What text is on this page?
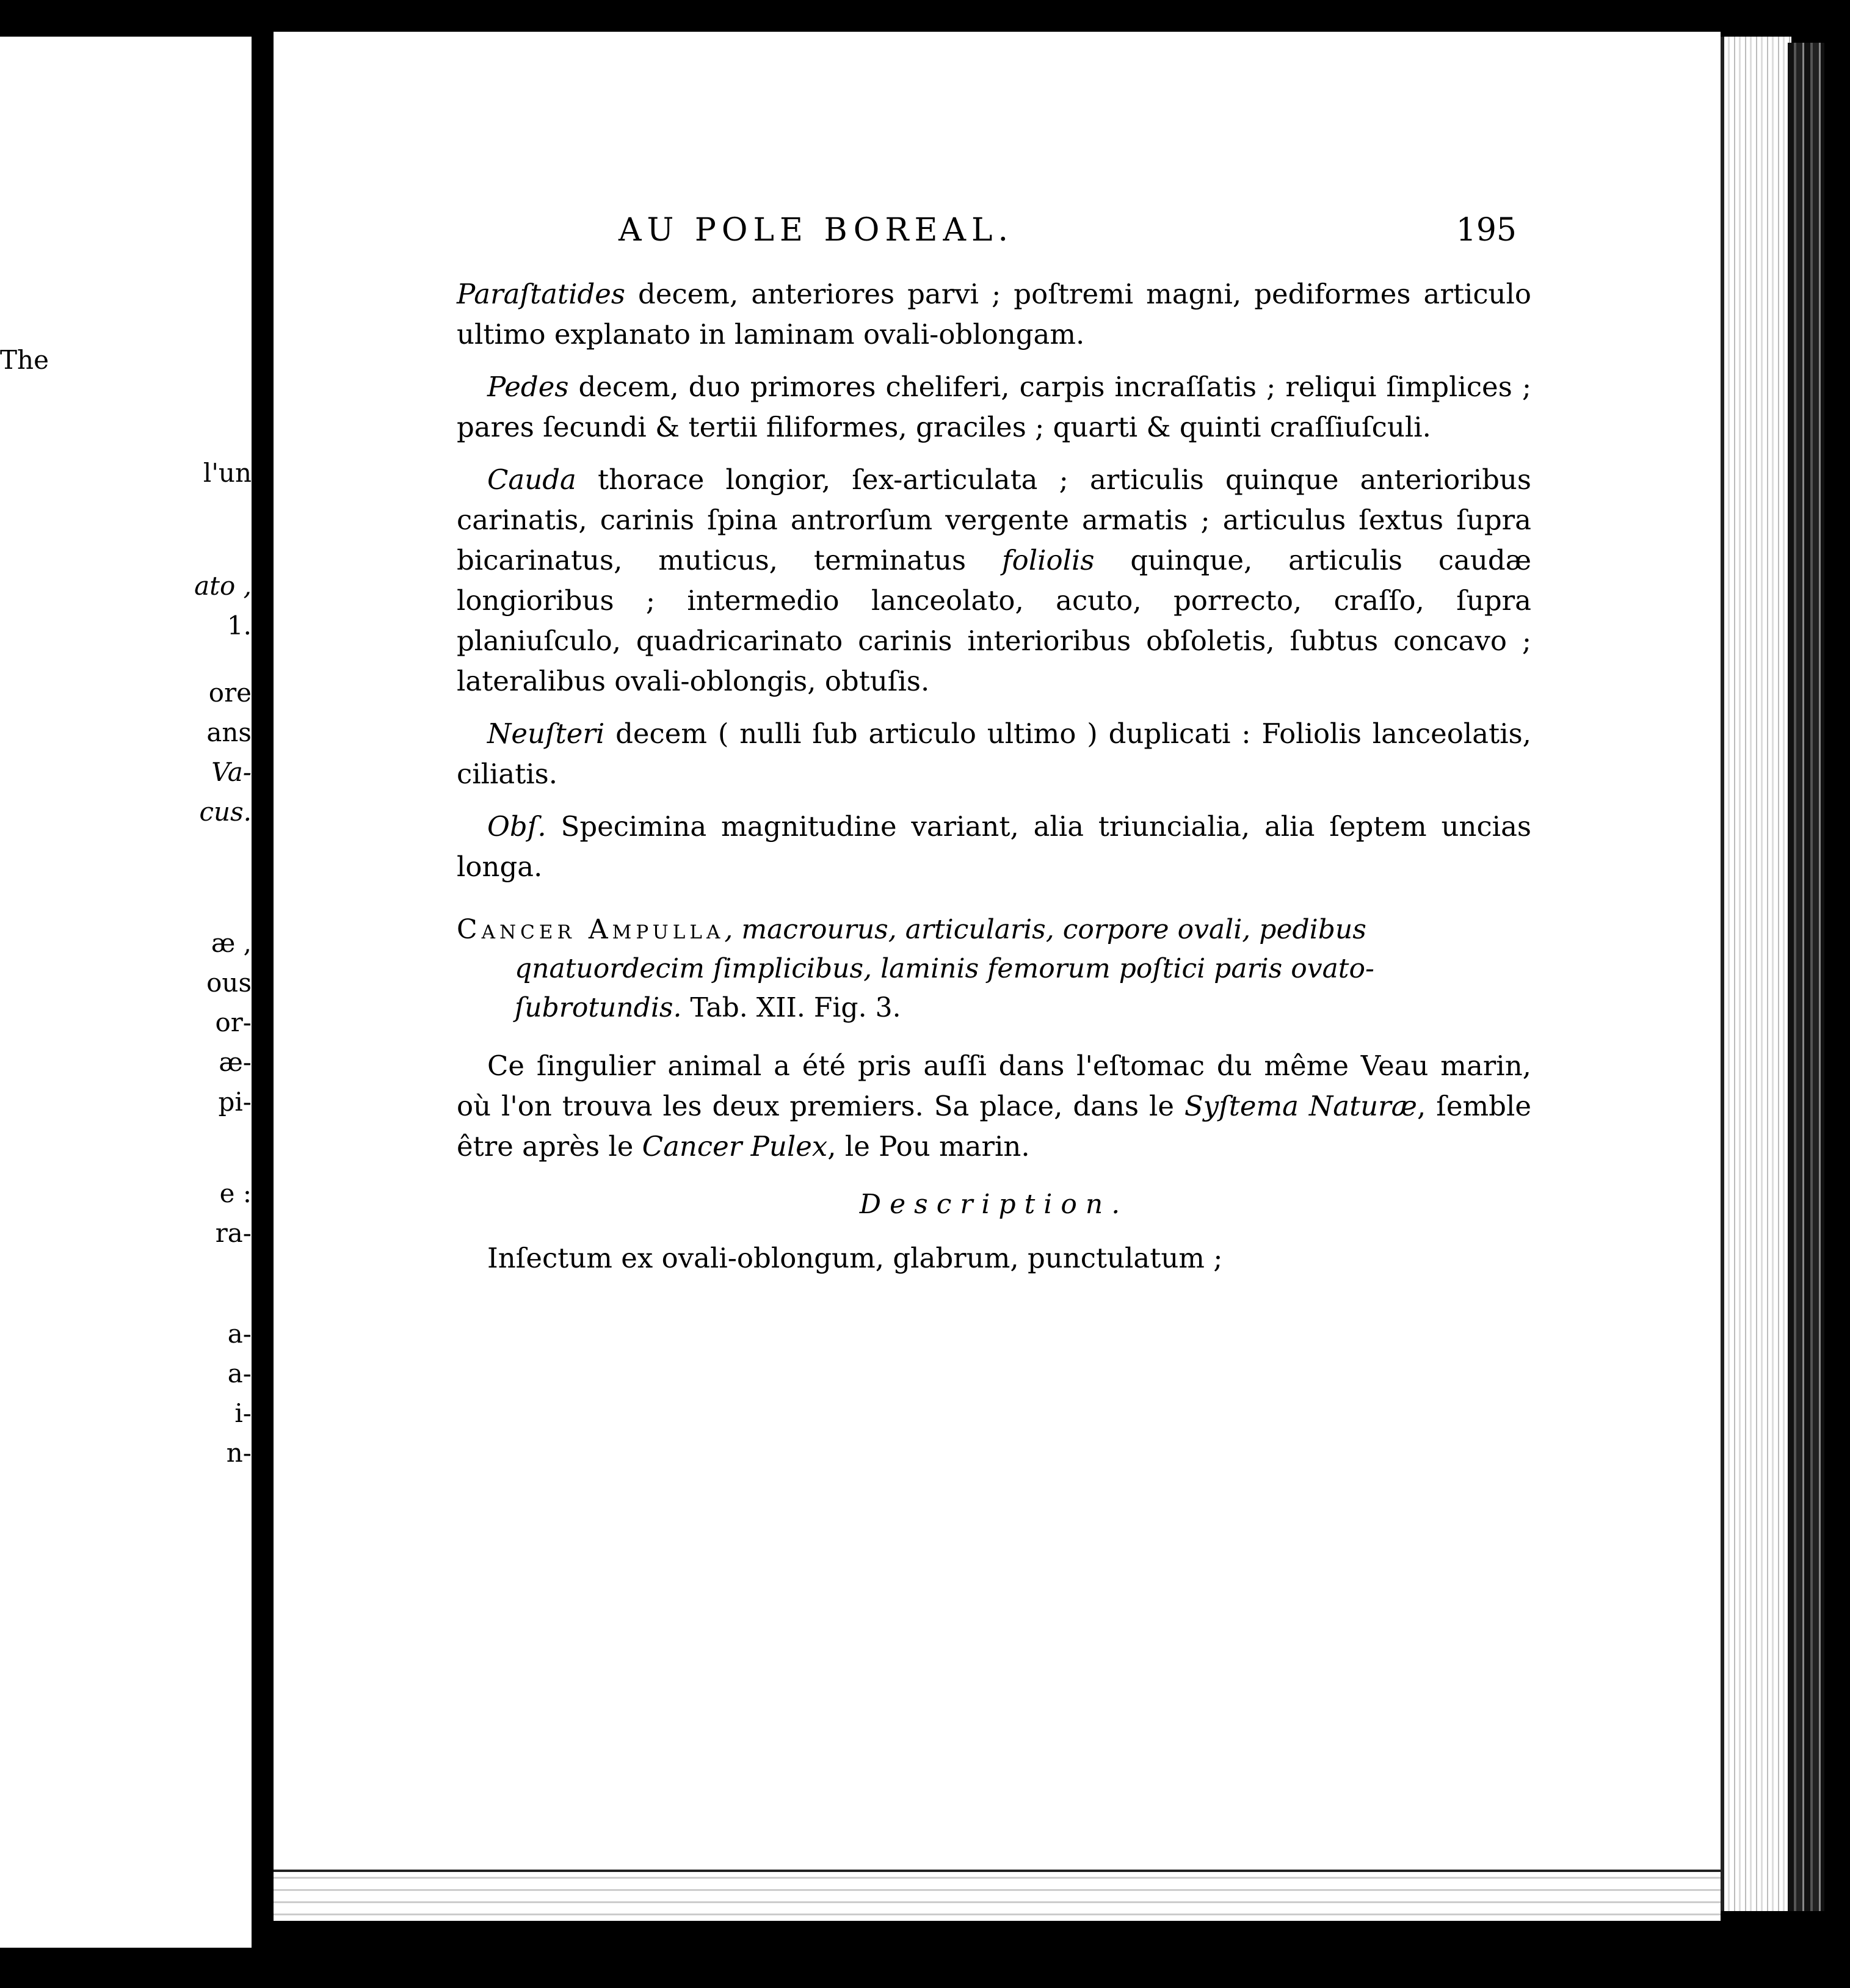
The
l'un
ato ,
1.
ore
ans
Va-
cus.
æ ,
ous
or-
æ-
pi-
e :
ra-
a-
a-
i-
n-
AU POLE BOREAL.	195

Paraſtatides decem, anteriores parvi ; poſtremi magni, pediformes articulo ultimo explanato in laminam ovali-oblongam.

Pedes decem, duo primores cheliferi, carpis incraſſatis ; reliqui ſimplices ; pares ſecundi & tertii filiformes, graciles ; quarti & quinti craſſiuſculi.

Cauda thorace longior, ſex-articulata ; articulis quinque anterioribus carinatis, carinis ſpina antrorſum vergente armatis ; articulus ſextus ſupra bicarinatus, muticus, terminatus foliolis quinque, articulis caudæ longioribus ; intermedio lanceolato, acuto, porrecto, craſſo, ſupra planiuſculo, quadricarinato carinis interioribus obſoletis, ſubtus concavo ; lateralibus ovali-oblongis, obtuſis.

Neuſteri decem ( nulli ſub articulo ultimo ) duplicati : Foliolis lanceolatis, ciliatis.

Obſ. Specimina magnitudine variant, alia triuncialia, alia ſeptem uncias longa.

Cancer Ampulla, macrourus, articularis, corpore ovali, pedibus qnatuordecim ſimplicibus, laminis femorum poſtici paris ovato-ſubrotundis. Tab. XII. Fig. 3.

Ce ſingulier animal a été pris auſſi dans l'eſtomac du même Veau marin, où l'on trouva les deux premiers. Sa place, dans le Syſtema Naturæ, ſemble être après le Cancer Pulex, le Pou marin.

Description.

Inſectum ex ovali-oblongum, glabrum, punctulatum ;
